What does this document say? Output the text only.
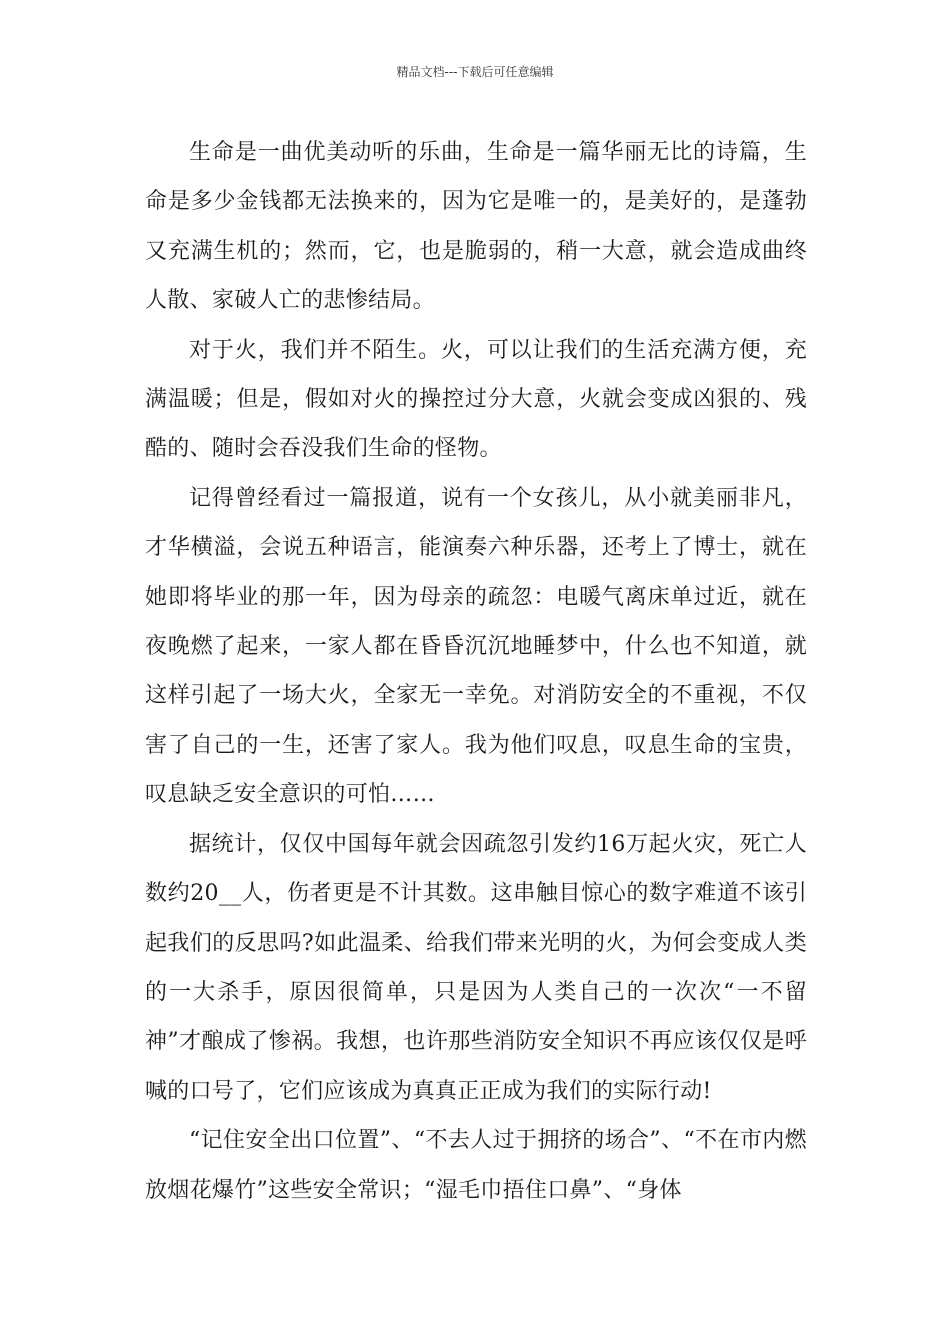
精品文档---下载后可任意编辑

生命是一曲优美动听的乐曲，生命是一篇华丽无比的诗篇，生命是多少金钱都无法换来的，因为它是唯一的，是美好的，是蓬勃又充满生机的；然而，它，也是脆弱的，稍一大意，就会造成曲终人散、家破人亡的悲惨结局。

对于火，我们并不陌生。火，可以让我们的生活充满方便，充满温暖；但是，假如对火的操控过分大意，火就会变成凶狠的、残酷的、随时会吞没我们生命的怪物。

记得曾经看过一篇报道，说有一个女孩儿，从小就美丽非凡，才华横溢，会说五种语言，能演奏六种乐器，还考上了博士，就在她即将毕业的那一年，因为母亲的疏忽：电暖气离床单过近，就在夜晚燃了起来，一家人都在昏昏沉沉地睡梦中，什么也不知道，就这样引起了一场大火，全家无一幸免。对消防安全的不重视，不仅害了自己的一生，还害了家人。我为他们叹息，叹息生命的宝贵，叹息缺乏安全意识的可怕……

据统计，仅仅中国每年就会因疏忽引发约16万起火灾，死亡人数约20__人，伤者更是不计其数。这串触目惊心的数字难道不该引起我们的反思吗?如此温柔、给我们带来光明的火，为何会变成人类的一大杀手，原因很简单，只是因为人类自己的一次次“一不留神”才酿成了惨祸。我想，也许那些消防安全知识不再应该仅仅是呼喊的口号了，它们应该成为真真正正成为我们的实际行动!

“记住安全出口位置”、“不去人过于拥挤的场合”、“不在市内燃放烟花爆竹”这些安全常识；“湿毛巾捂住口鼻”、“身体
